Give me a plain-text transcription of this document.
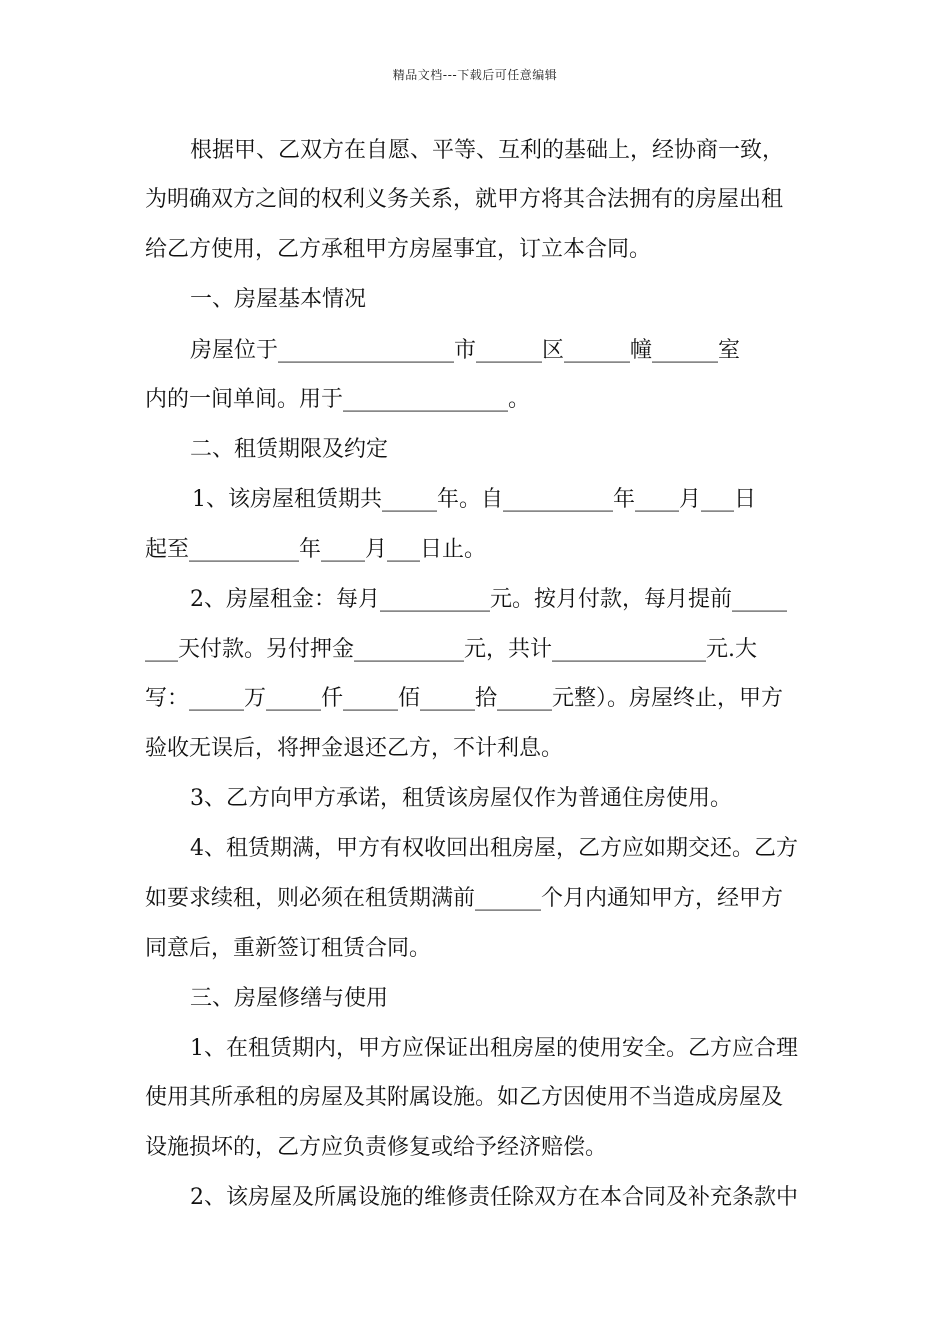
精品文档---下载后可任意编辑
根据甲、乙双方在自愿、平等、互利的基础上，经协商一致，
为明确双方之间的权利义务关系，就甲方将其合法拥有的房屋出租
给乙方使用，乙方承租甲方房屋事宜，订立本合同。
一、房屋基本情况
房屋位于________________市______区______幢______室
内的一间单间。用于_______________。
二、租赁期限及约定
1、该房屋租赁期共_____年。自__________年____月___日
起至__________年____月___日止。
2、房屋租金：每月__________元。按月付款，每月提前_____
___天付款。另付押金__________元，共计______________元.大
写：_____万_____仟_____佰_____拾_____元整）。房屋终止，甲方
验收无误后，将押金退还乙方，不计利息。
3、乙方向甲方承诺，租赁该房屋仅作为普通住房使用。
4、租赁期满，甲方有权收回出租房屋，乙方应如期交还。乙方
如要求续租，则必须在租赁期满前______个月内通知甲方，经甲方
同意后，重新签订租赁合同。
三、房屋修缮与使用
1、在租赁期内，甲方应保证出租房屋的使用安全。乙方应合理
使用其所承租的房屋及其附属设施。如乙方因使用不当造成房屋及
设施损坏的，乙方应负责修复或给予经济赔偿。
2、该房屋及所属设施的维修责任除双方在本合同及补充条款中
